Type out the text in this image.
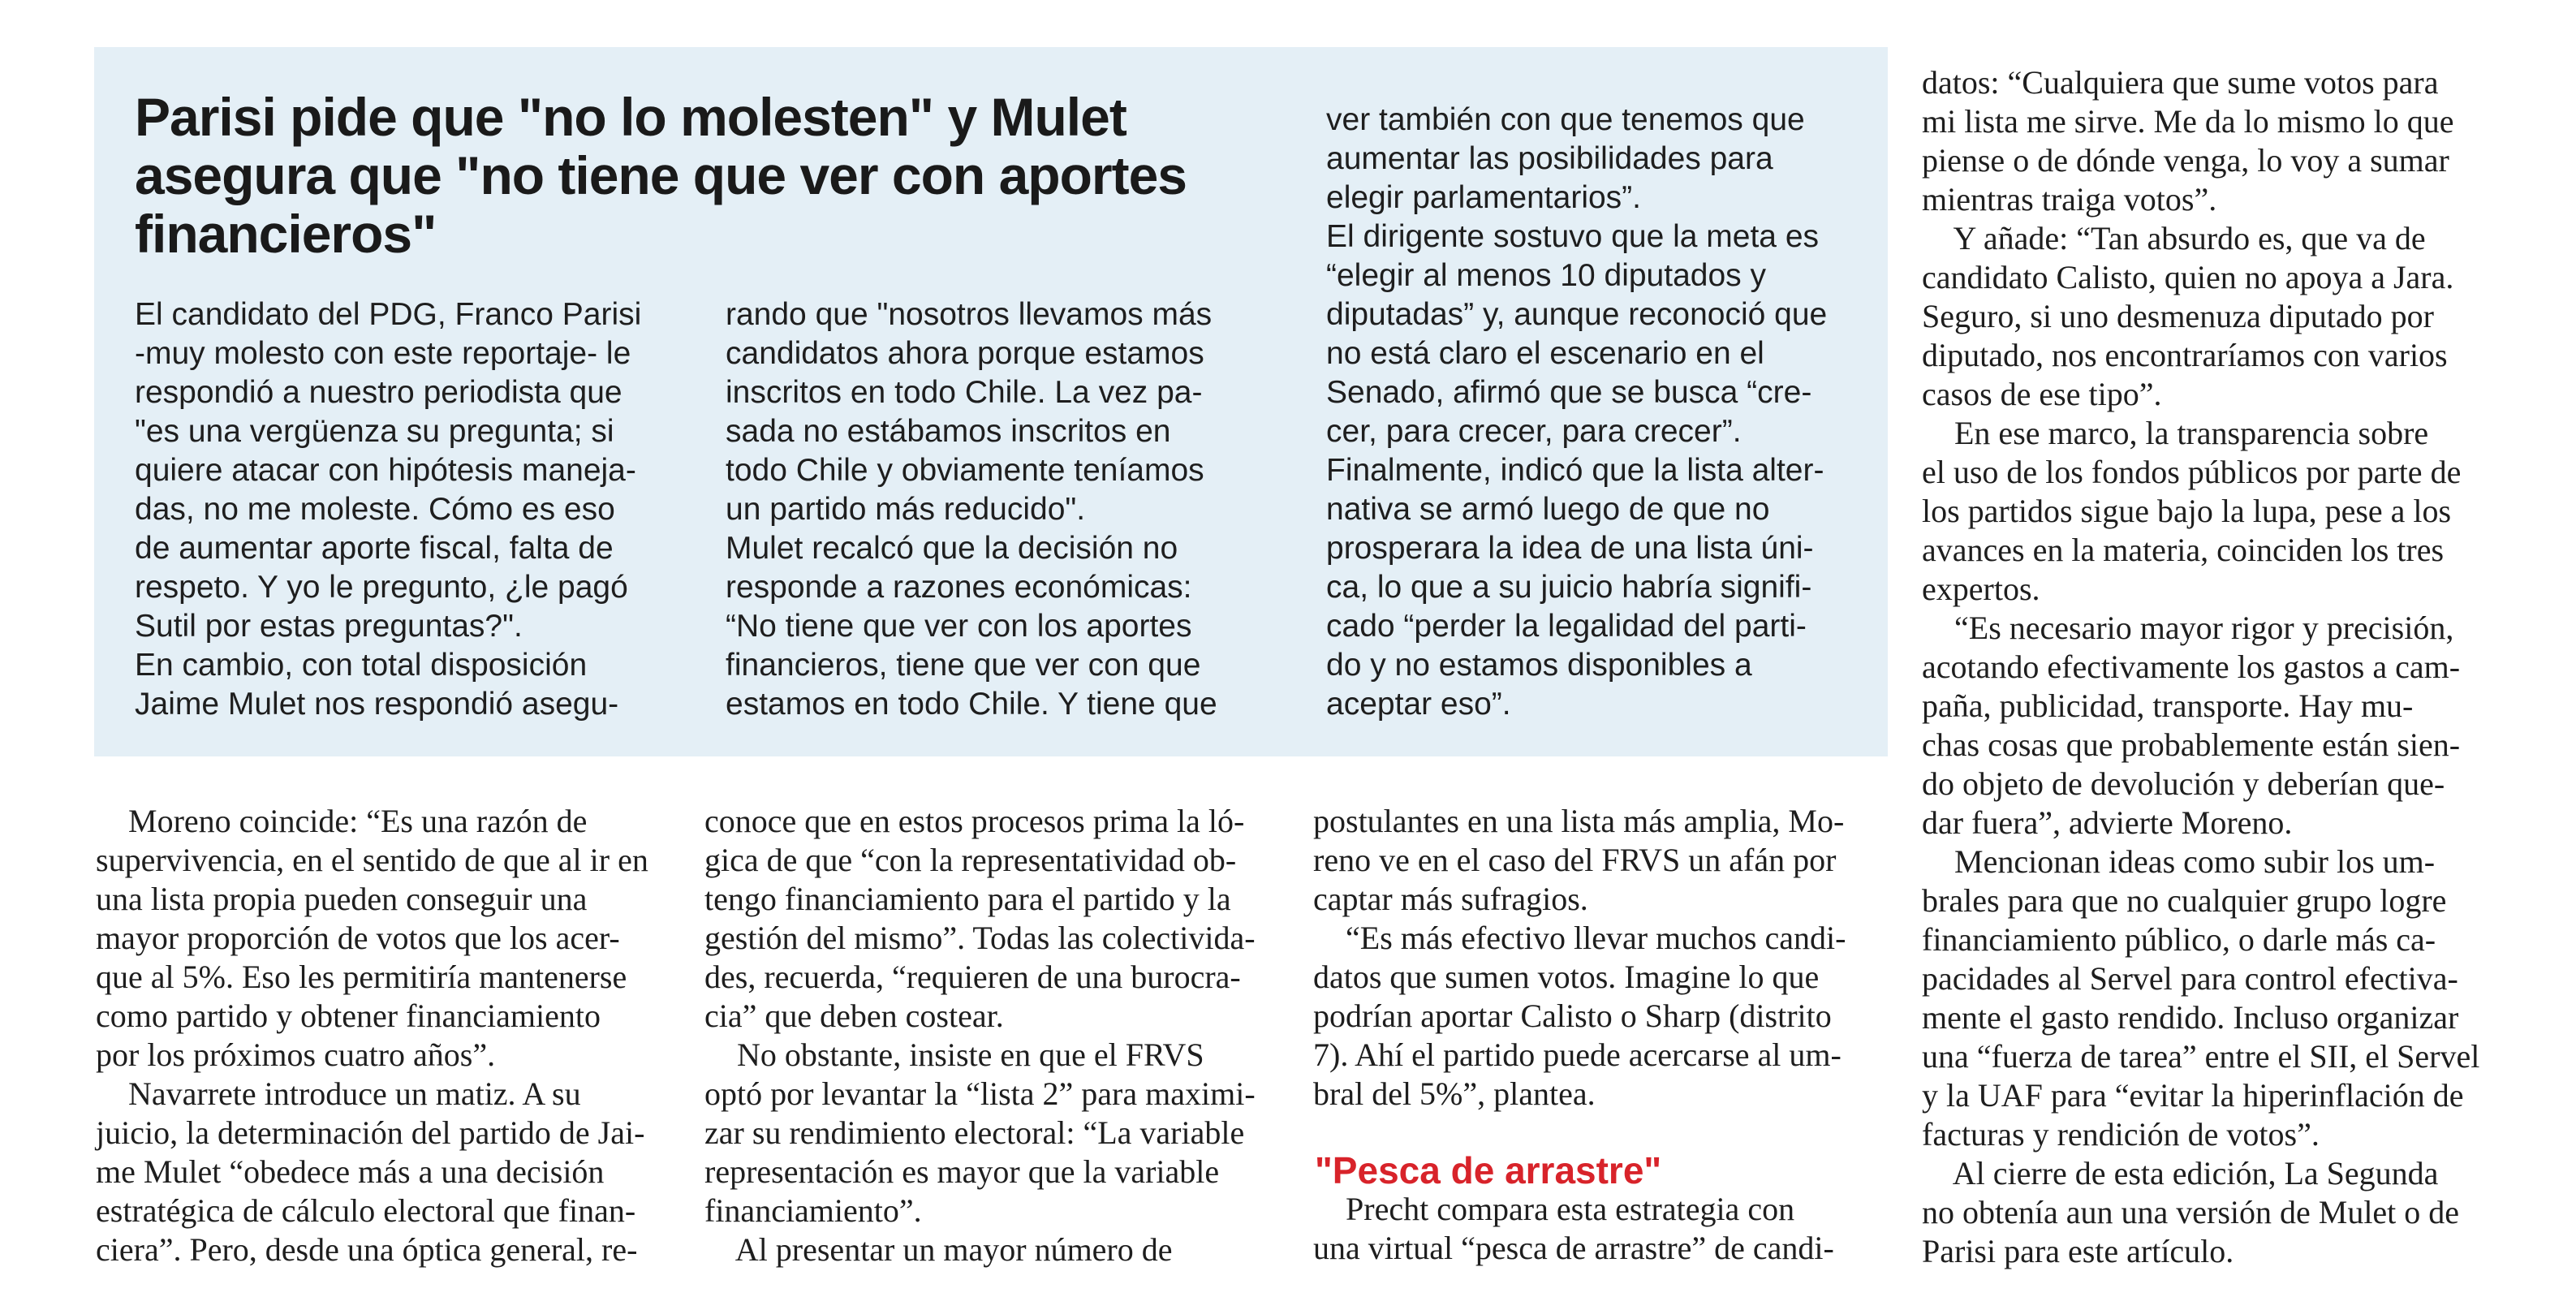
Parisi pide que "no lo molesten" y Mulet asegura que "no tiene que ver con aportes financieros"

El candidato del PDG, Franco Parisi
-muy molesto con este reportaje- le
respondió a nuestro periodista que
"es una vergüenza su pregunta; si
quiere atacar con hipótesis maneja-
das, no me moleste. Cómo es eso
de aumentar aporte fiscal, falta de
respeto. Y yo le pregunto, ¿le pagó
Sutil por estas preguntas?".
En cambio, con total disposición
Jaime Mulet nos respondió asegu-

rando que "nosotros llevamos más
candidatos ahora porque estamos
inscritos en todo Chile. La vez pa-
sada no estábamos inscritos en
todo Chile y obviamente teníamos
un partido más reducido".
Mulet recalcó que la decisión no
responde a razones económicas:
“No tiene que ver con los aportes
financieros, tiene que ver con que
estamos en todo Chile. Y tiene que

ver también con que tenemos que
aumentar las posibilidades para
elegir parlamentarios”.
El dirigente sostuvo que la meta es
“elegir al menos 10 diputados y
diputadas” y, aunque reconoció que
no está claro el escenario en el
Senado, afirmó que se busca “cre-
cer, para crecer, para crecer”.
Finalmente, indicó que la lista alter-
nativa se armó luego de que no
prosperara la idea de una lista úni-
ca, lo que a su juicio habría signifi-
cado “perder la legalidad del parti-
do y no estamos disponibles a
aceptar eso”.

Moreno coincide: “Es una razón de
supervivencia, en el sentido de que al ir en
una lista propia pueden conseguir una
mayor proporción de votos que los acer-
que al 5%. Eso les permitiría mantenerse
como partido y obtener financiamiento
por los próximos cuatro años”.
Navarrete introduce un matiz. A su
juicio, la determinación del partido de Jai-
me Mulet “obedece más a una decisión
estratégica de cálculo electoral que finan-
ciera”. Pero, desde una óptica general, re-

conoce que en estos procesos prima la ló-
gica de que “con la representatividad ob-
tengo financiamiento para el partido y la
gestión del mismo”. Todas las colectivida-
des, recuerda, “requieren de una burocra-
cia” que deben costear.
No obstante, insiste en que el FRVS
optó por levantar la “lista 2” para maximi-
zar su rendimiento electoral: “La variable
representación es mayor que la variable
financiamiento”.
Al presentar un mayor número de

postulantes en una lista más amplia, Mo-
reno ve en el caso del FRVS un afán por
captar más sufragios.
“Es más efectivo llevar muchos candi-
datos que sumen votos. Imagine lo que
podrían aportar Calisto o Sharp (distrito
7). Ahí el partido puede acercarse al um-
bral del 5%”, plantea.

"Pesca de arrastre"

Precht compara esta estrategia con
una virtual “pesca de arrastre” de candi-

datos: “Cualquiera que sume votos para
mi lista me sirve. Me da lo mismo lo que
piense o de dónde venga, lo voy a sumar
mientras traiga votos”.
Y añade: “Tan absurdo es, que va de
candidato Calisto, quien no apoya a Jara.
Seguro, si uno desmenuza diputado por
diputado, nos encontraríamos con varios
casos de ese tipo”.
En ese marco, la transparencia sobre
el uso de los fondos públicos por parte de
los partidos sigue bajo la lupa, pese a los
avances en la materia, coinciden los tres
expertos.
“Es necesario mayor rigor y precisión,
acotando efectivamente los gastos a cam-
paña, publicidad, transporte. Hay mu-
chas cosas que probablemente están sien-
do objeto de devolución y deberían que-
dar fuera”, advierte Moreno.
Mencionan ideas como subir los um-
brales para que no cualquier grupo logre
financiamiento público, o darle más ca-
pacidades al Servel para control efectiva-
mente el gasto rendido. Incluso organizar
una “fuerza de tarea” entre el SII, el Servel
y la UAF para “evitar la hiperinflación de
facturas y rendición de votos”.
Al cierre de esta edición, La Segunda
no obtenía aun una versión de Mulet o de
Parisi para este artículo.
